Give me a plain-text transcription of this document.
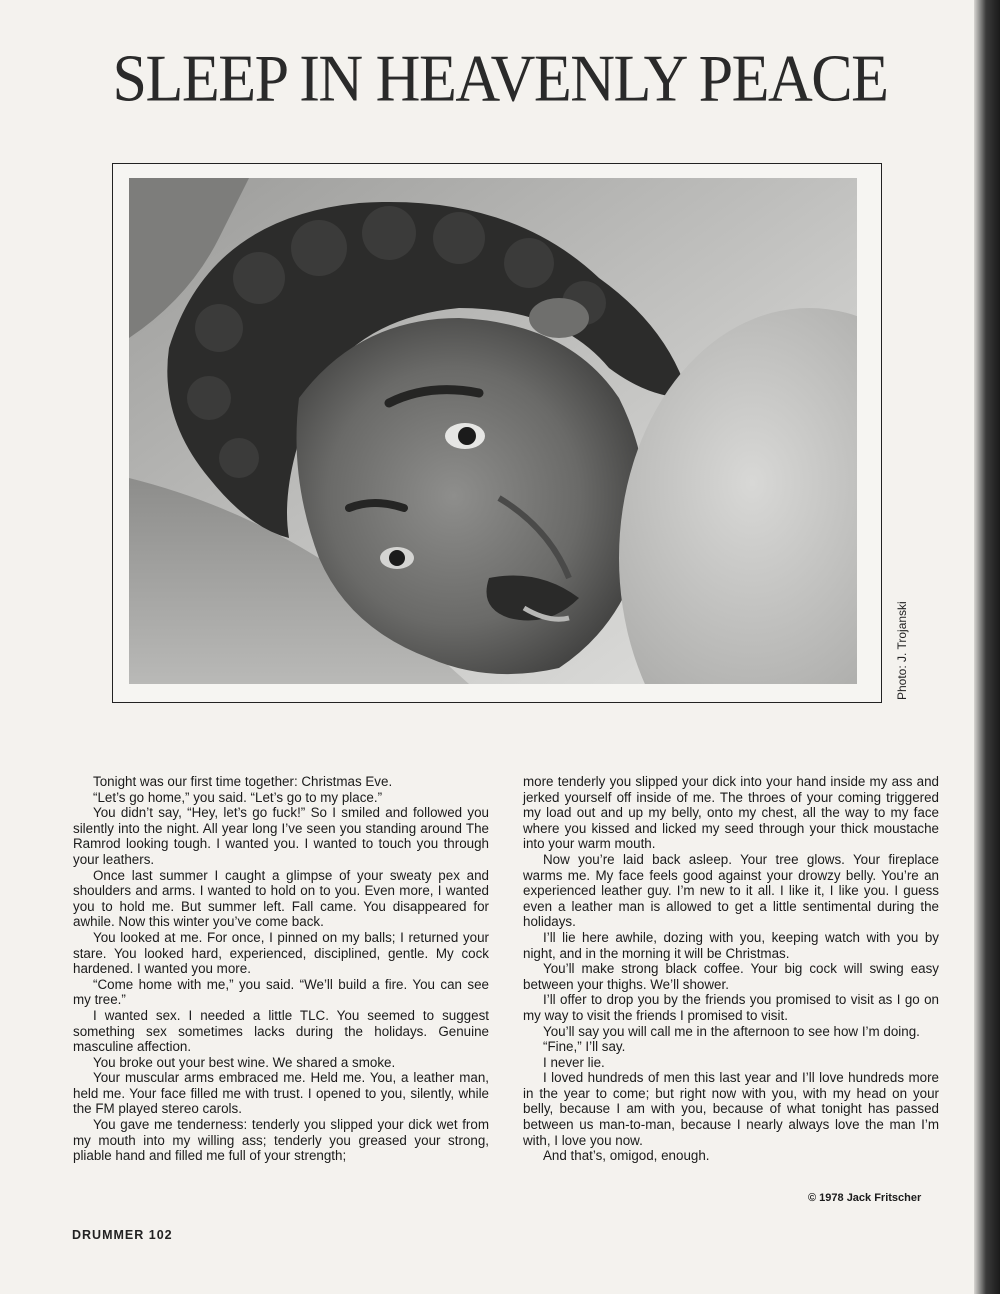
SLEEP IN HEAVENLY PEACE
Photo: J. Trojanski

Tonight was our first time together: Christmas Eve.

“Let’s go home,” you said. “Let’s go to my place.”

You didn’t say, “Hey, let’s go fuck!” So I smiled and followed you silently into the night. All year long I’ve seen you standing around The Ramrod looking tough. I wanted you. I wanted to touch you through your leathers.

Once last summer I caught a glimpse of your sweaty pex and shoulders and arms. I wanted to hold on to you. Even more, I wanted you to hold me. But summer left. Fall came. You disappeared for awhile. Now this winter you’ve come back.

You looked at me. For once, I pinned on my balls; I returned your stare. You looked hard, experienced, disciplined, gentle. My cock hardened. I wanted you more.

“Come home with me,” you said. “We’ll build a fire. You can see my tree.”

I wanted sex. I needed a little TLC. You seemed to suggest something sex sometimes lacks during the holidays. Genuine masculine affection.

You broke out your best wine. We shared a smoke.

Your muscular arms embraced me. Held me. You, a leather man, held me. Your face filled me with trust. I opened to you, silently, while the FM played stereo carols.

You gave me tenderness: tenderly you slipped your dick wet from my mouth into my willing ass; tenderly you greased your strong, pliable hand and filled me full of your strength;

more tenderly you slipped your dick into your hand inside my ass and jerked yourself off inside of me. The throes of your coming triggered my load out and up my belly, onto my chest, all the way to my face where you kissed and licked my seed through your thick moustache into your warm mouth.

Now you’re laid back asleep. Your tree glows. Your fireplace warms me. My face feels good against your drowzy belly. You’re an experienced leather guy. I’m new to it all. I like it, I like you. I guess even a leather man is allowed to get a little sentimental during the holidays.

I’ll lie here awhile, dozing with you, keeping watch with you by night, and in the morning it will be Christmas.

You’ll make strong black coffee. Your big cock will swing easy between your thighs. We’ll shower.

I’ll offer to drop you by the friends you promised to visit as I go on my way to visit the friends I promised to visit.

You’ll say you will call me in the afternoon to see how I’m doing.

“Fine,” I’ll say.

I never lie.

I loved hundreds of men this last year and I’ll love hundreds more in the year to come; but right now with you, with my head on your belly, because I am with you, because of what tonight has passed between us man-to-man, because I nearly always love the man I’m with, I love you now.

And that’s, omigod, enough.

© 1978 Jack Fritscher
DRUMMER 102
